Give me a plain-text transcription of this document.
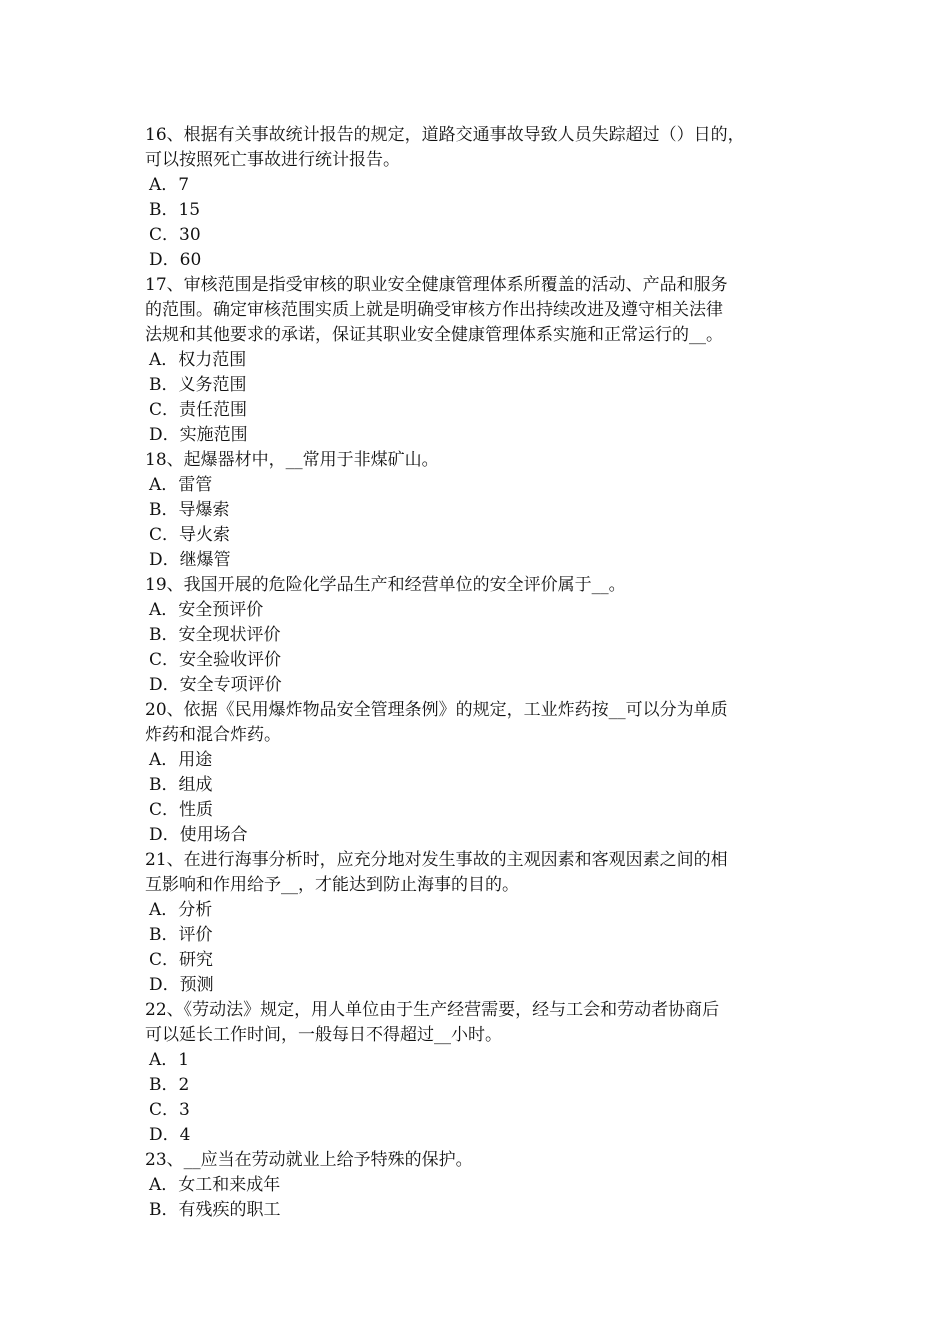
16、根据有关事故统计报告的规定，道路交通事故导致人员失踪超过（）日的，
可以按照死亡事故进行统计报告。
A．7
B．15
C．30
D．60
17、审核范围是指受审核的职业安全健康管理体系所覆盖的活动、产品和服务
的范围。确定审核范围实质上就是明确受审核方作出持续改进及遵守相关法律
法规和其他要求的承诺，保证其职业安全健康管理体系实施和正常运行的__。
A．权力范围
B．义务范围
C．责任范围
D．实施范围
18、起爆器材中，__常用于非煤矿山。
A．雷管
B．导爆索
C．导火索
D．继爆管
19、我国开展的危险化学品生产和经营单位的安全评价属于__。
A．安全预评价
B．安全现状评价
C．安全验收评价
D．安全专项评价
20、依据《民用爆炸物品安全管理条例》的规定，工业炸药按__可以分为单质
炸药和混合炸药。
A．用途
B．组成
C．性质
D．使用场合
21、在进行海事分析时，应充分地对发生事故的主观因素和客观因素之间的相
互影响和作用给予__，才能达到防止海事的目的。
A．分析
B．评价
C．研究
D．预测
22、《劳动法》规定，用人单位由于生产经营需要，经与工会和劳动者协商后
可以延长工作时间，一般每日不得超过__小时。
A．1
B．2
C．3
D．4
23、__应当在劳动就业上给予特殊的保护。
A．女工和来成年
B．有残疾的职工
